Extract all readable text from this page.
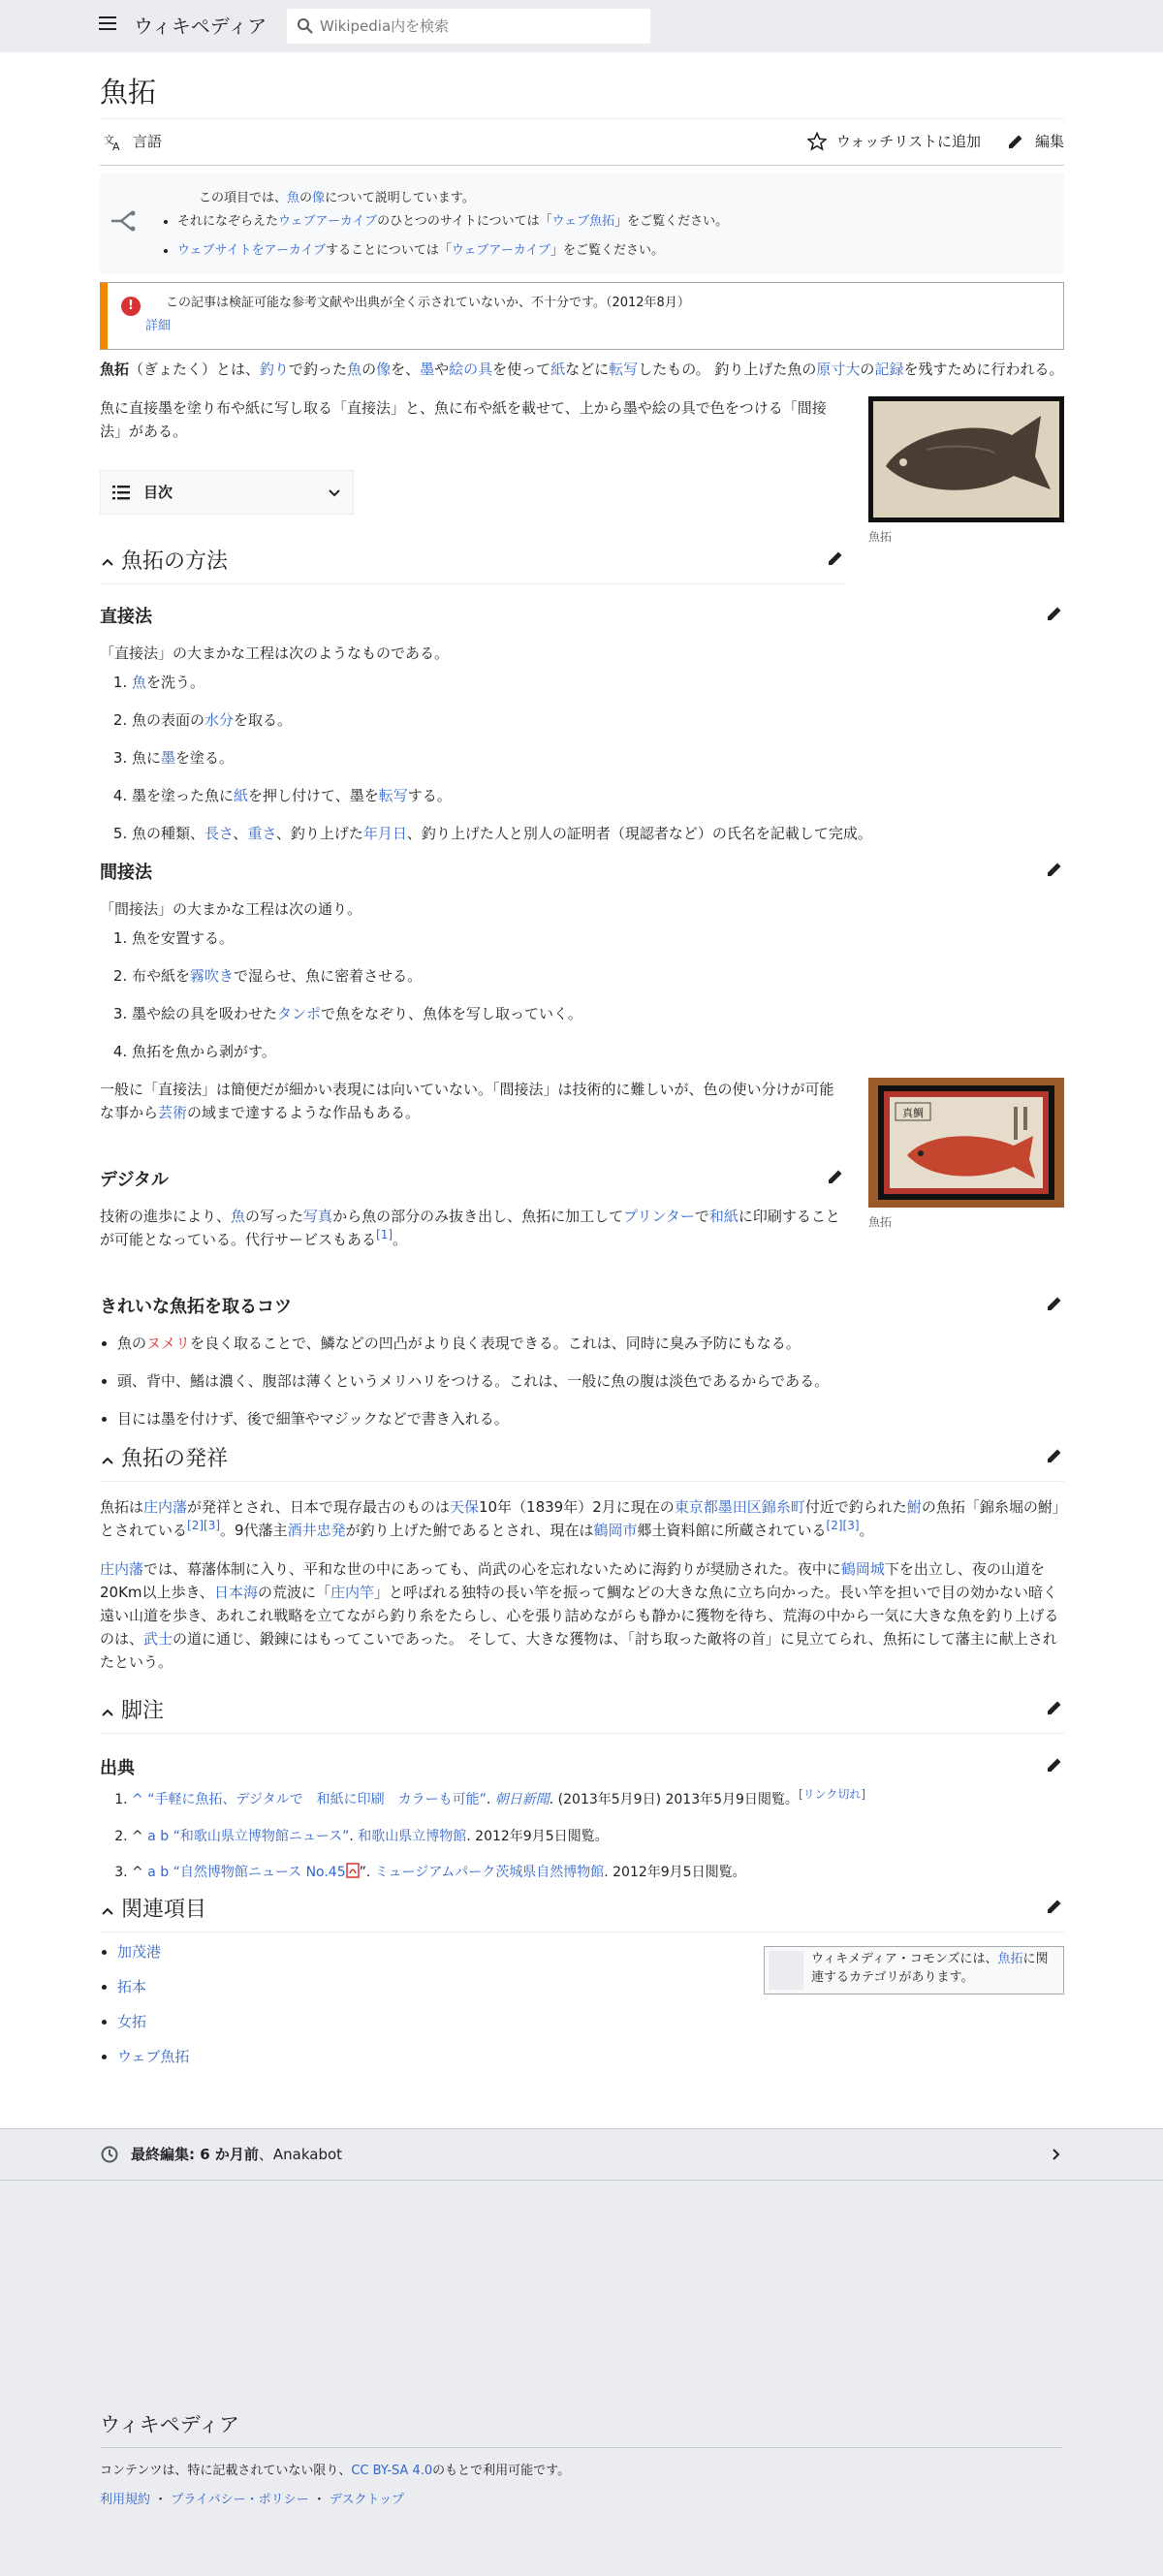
ウィキペディア
Wikipedia内を検索
魚拓
文
A 言語	ウォッチリストに追加	編集
この項目では、魚の像について説明しています。
• それになぞらえたウェブアーカイブのひとつのサイトについては「ウェブ魚拓」をご覧ください。
• ウェブサイトをアーカイブすることについては「ウェブアーカイブ」をご覧ください。
!	この記事は検証可能な参考文献や出典が全く示されていないか、不十分です。（2012年8月）
詳細

魚拓（ぎょたく）とは、釣りで釣った魚の像を、墨や絵の具を使って紙などに転写したもの。 釣り上げた魚の原寸大の記録を残すために行われる。

魚拓

魚に直接墨を塗り布や紙に写し取る「直接法」と、魚に布や紙を載せて、上から墨や絵の具で色をつける「間接法」がある。

目次
魚拓の方法
直接法

「直接法」の大まかな工程は次のようなものである。

1. 魚を洗う。
2. 魚の表面の水分を取る。
3. 魚に墨を塗る。
4. 墨を塗った魚に紙を押し付けて、墨を転写する。
5. 魚の種類、長さ、重さ、釣り上げた年月日、釣り上げた人と別人の証明者（現認者など）の氏名を記載して完成。
間接法

「間接法」の大まかな工程は次の通り。

1. 魚を安置する。
2. 布や紙を霧吹きで湿らせ、魚に密着させる。
3. 墨や絵の具を吸わせたタンポで魚をなぞり、魚体を写し取っていく。
4. 魚拓を魚から剥がす。
真鯛
魚拓

一般に「直接法」は簡便だが細かい表現には向いていない。「間接法」は技術的に難しいが、色の使い分けが可能な事から芸術の域まで達するような作品もある。

デジタル

技術の進歩により、魚の写った写真から魚の部分のみ抜き出し、魚拓に加工してプリンターで和紙に印刷することが可能となっている。代行サービスもある[1]。

きれいな魚拓を取るコツ
• 魚のヌメリを良く取ることで、鱗などの凹凸がより良く表現できる。これは、同時に臭み予防にもなる。
• 頭、背中、鰭は濃く、腹部は薄くというメリハリをつける。これは、一般に魚の腹は淡色であるからである。
• 目には墨を付けず、後で細筆やマジックなどで書き入れる。
魚拓の発祥

魚拓は庄内藩が発祥とされ、日本で現存最古のものは天保10年（1839年）2月に現在の東京都墨田区錦糸町付近で釣られた鮒の魚拓「錦糸堀の鮒」とされている[2][3]。9代藩主酒井忠発が釣り上げた鮒であるとされ、現在は鶴岡市郷土資料館に所蔵されている[2][3]。

庄内藩では、幕藩体制に入り、平和な世の中にあっても、尚武の心を忘れないために海釣りが奨励された。夜中に鶴岡城下を出立し、夜の山道を20Km以上歩き、日本海の荒波に「庄内竿」と呼ばれる独特の長い竿を振って鯛などの大きな魚に立ち向かった。長い竿を担いで目の効かない暗く遠い山道を歩き、あれこれ戦略を立てながら釣り糸をたらし、心を張り詰めながらも静かに獲物を待ち、荒海の中から一気に大きな魚を釣り上げるのは、武士の道に通じ、鍛錬にはもってこいであった。 そして、大きな獲物は、「討ち取った敵将の首」に見立てられ、魚拓にして藩主に献上されたという。

脚注
出典
1. ^ “手軽に魚拓、デジタルで　和紙に印刷　カラーも可能”. 朝日新聞. (2013年5月9日) 2013年5月9日閲覧。[リンク切れ]
2. ^ a b “和歌山県立博物館ニュース”. 和歌山県立博物館. 2012年9月5日閲覧。
3. ^ a b “自然博物館ニュース No.45 ”. ミュージアムパーク茨城県自然博物館. 2012年9月5日閲覧。
関連項目
ウィキメディア・コモンズには、魚拓に関連するカテゴリがあります。
• 加茂港
• 拓本
• 女拓
• ウェブ魚拓
最終編集: 6 か月前、Anakabot
ウィキペディア
コンテンツは、特に記載されていない限り、CC BY-SA 4.0のもとで利用可能です。
利用規約 ・ プライバシー・ポリシー ・ デスクトップ
